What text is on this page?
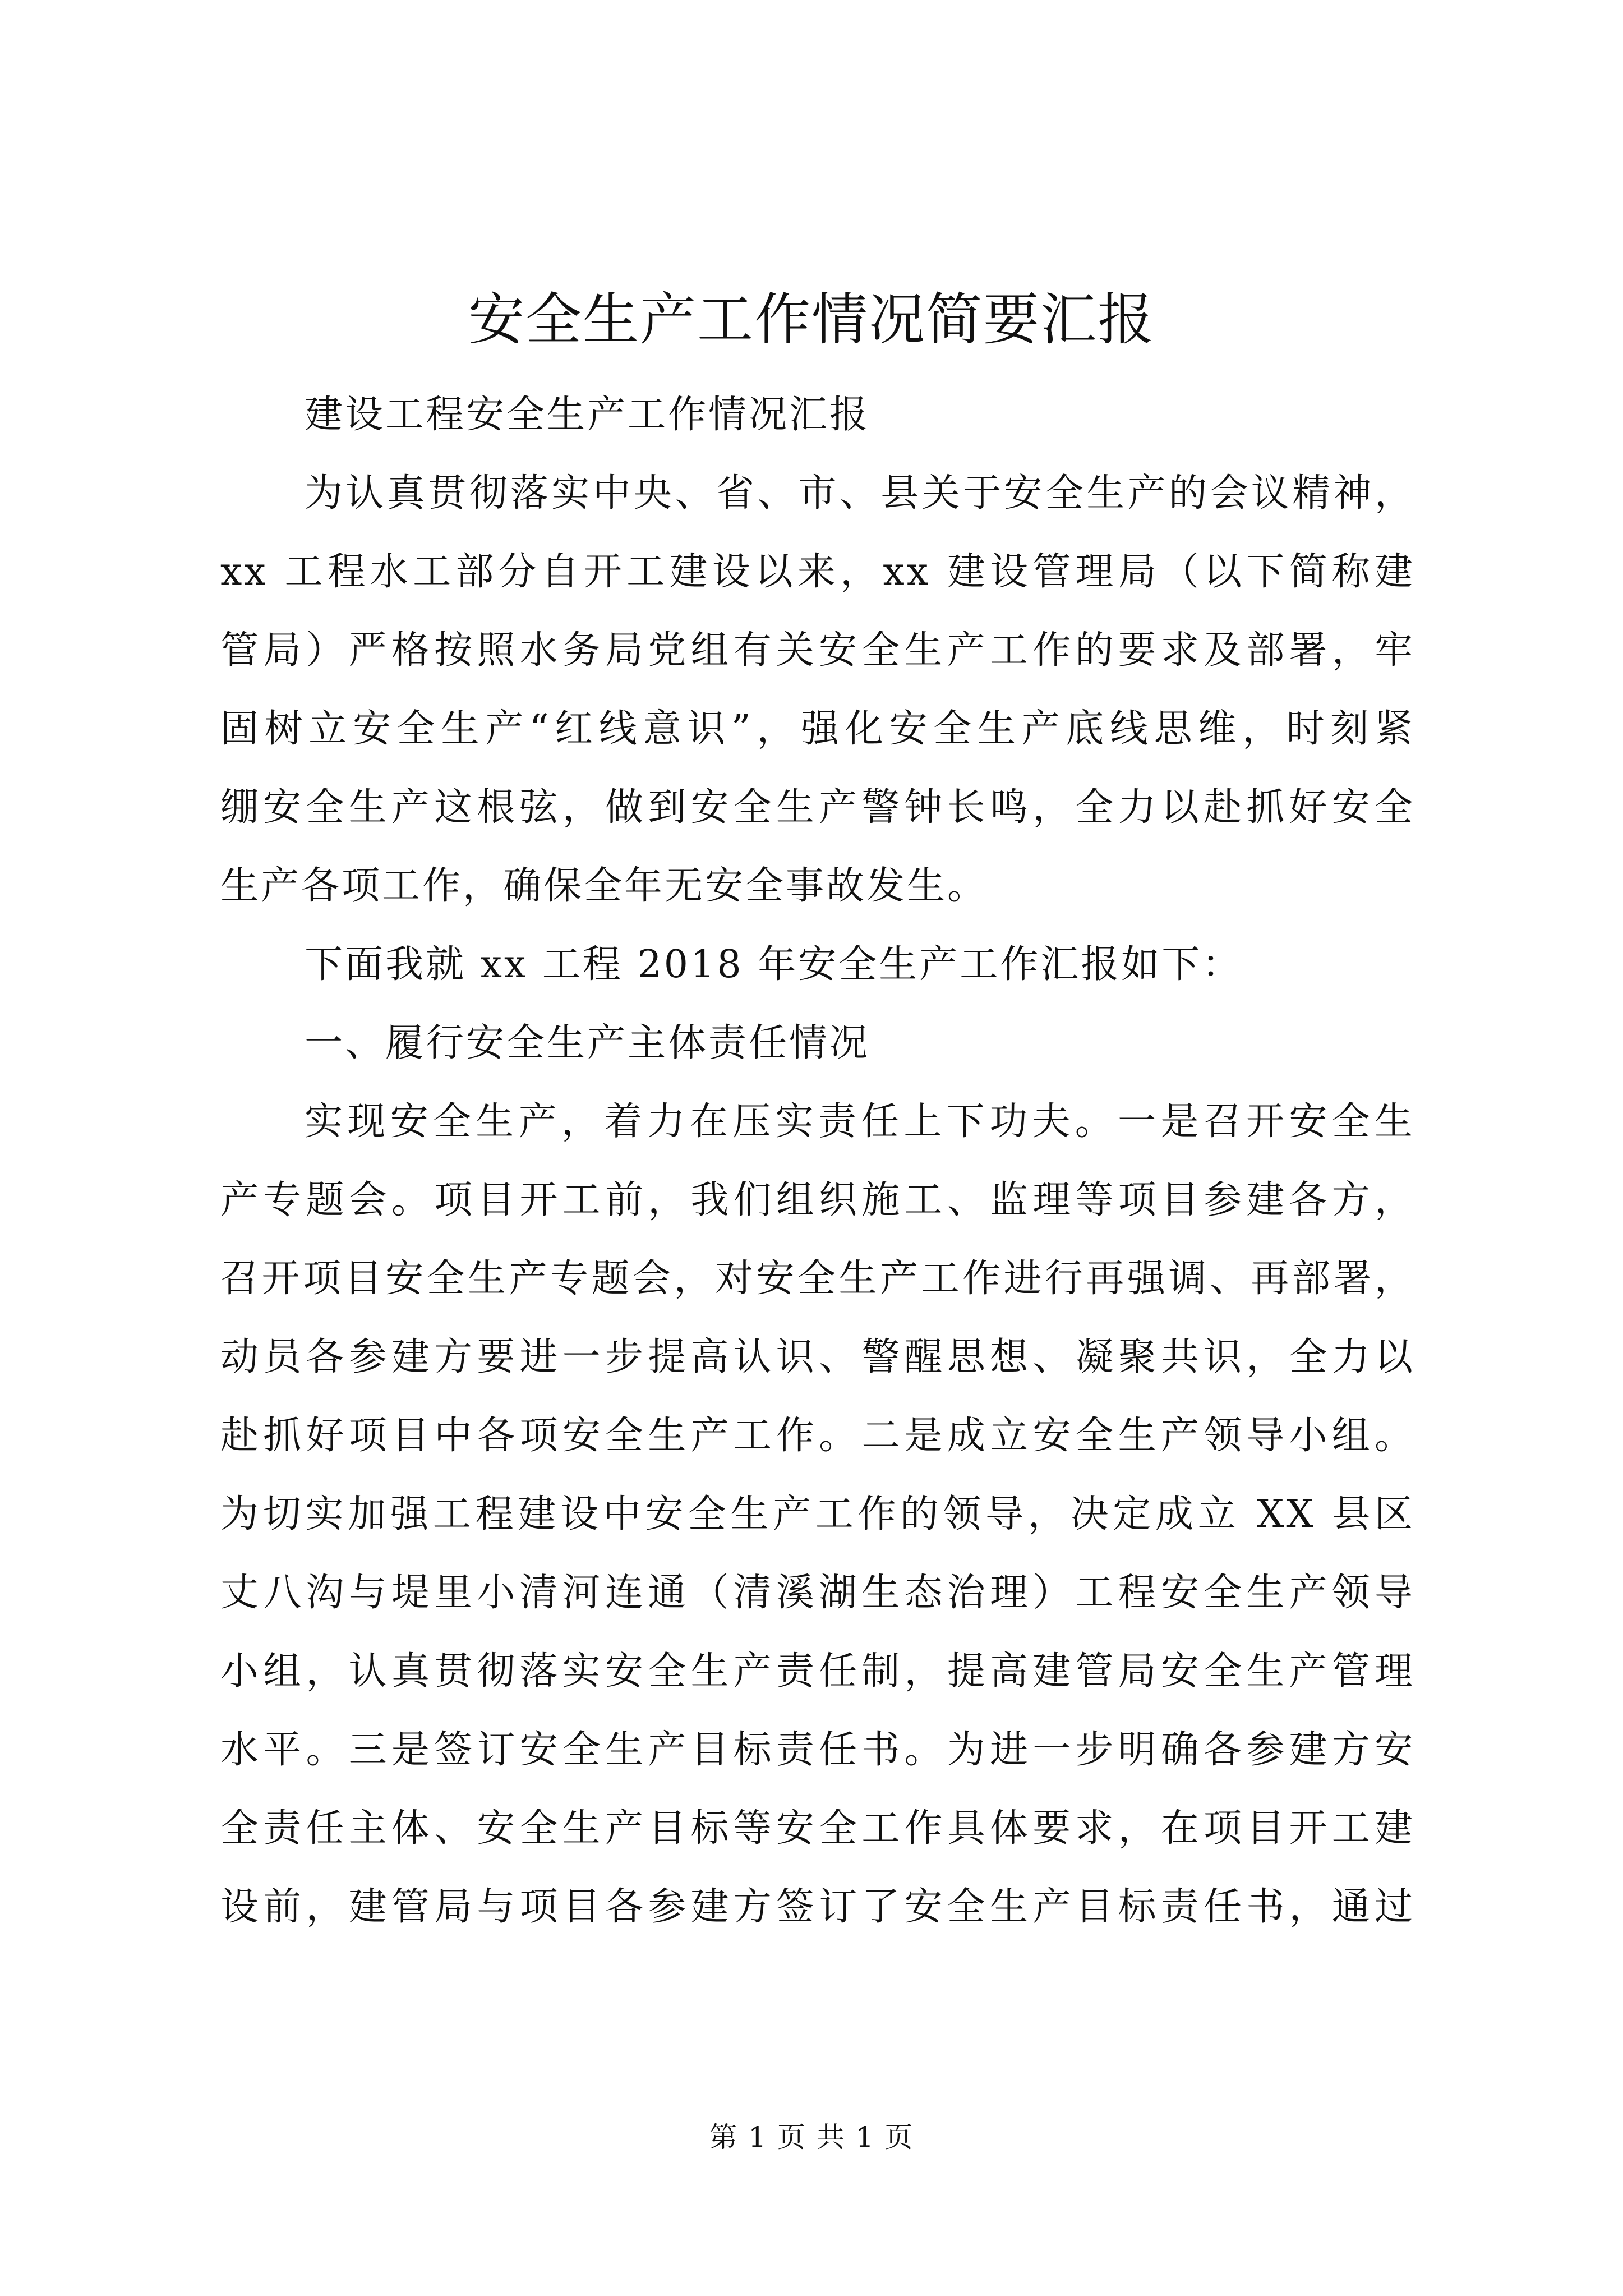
安全生产工作情况简要汇报
建设工程安全生产工作情况汇报
为认真贯彻落实中央、省、市、县关于安全生产的会议精神，
xx 工程水工部分自开工建设以来，xx 建设管理局（以下简称建
管局）严格按照水务局党组有关安全生产工作的要求及部署，牢
固树立安全生产“红线意识”，强化安全生产底线思维，时刻紧
绷安全生产这根弦，做到安全生产警钟长鸣，全力以赴抓好安全
生产各项工作，确保全年无安全事故发生。
下面我就 xx 工程 2018 年安全生产工作汇报如下：
一、履行安全生产主体责任情况
实现安全生产，着力在压实责任上下功夫。一是召开安全生
产专题会。项目开工前，我们组织施工、监理等项目参建各方，
召开项目安全生产专题会，对安全生产工作进行再强调、再部署，
动员各参建方要进一步提高认识、警醒思想、凝聚共识，全力以
赴抓好项目中各项安全生产工作。二是成立安全生产领导小组。
为切实加强工程建设中安全生产工作的领导，决定成立 XX 县区
丈八沟与堤里小清河连通（清溪湖生态治理）工程安全生产领导
小组，认真贯彻落实安全生产责任制，提高建管局安全生产管理
水平。三是签订安全生产目标责任书。为进一步明确各参建方安
全责任主体、安全生产目标等安全工作具体要求，在项目开工建
设前，建管局与项目各参建方签订了安全生产目标责任书，通过
第 1 页 共 1 页
